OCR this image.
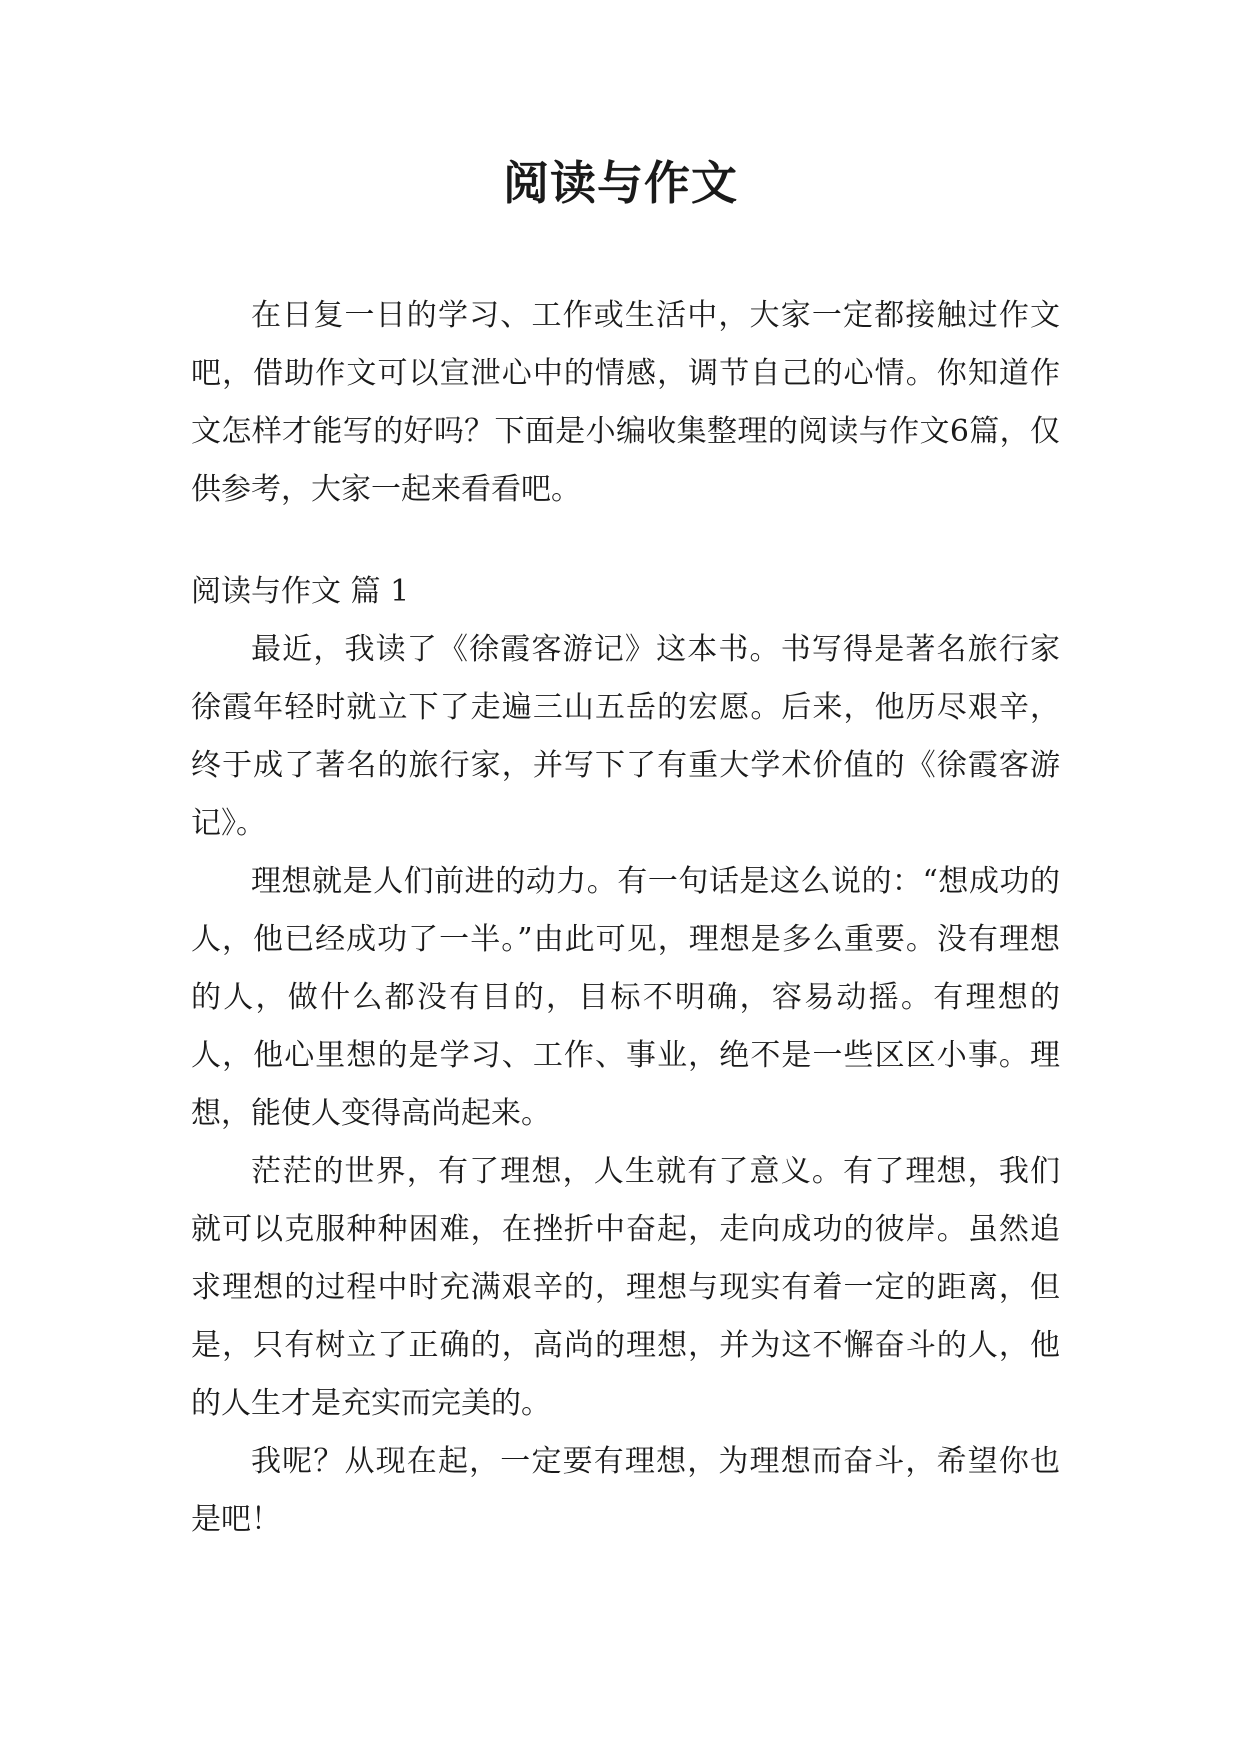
阅读与作文

在日复一日的学习、工作或生活中，大家一定都接触过作文吧，借助作文可以宣泄心中的情感，调节自己的心情。你知道作文怎样才能写的好吗？下面是小编收集整理的阅读与作文6篇，仅供参考，大家一起来看看吧。

阅读与作文 篇 1

最近，我读了《徐霞客游记》这本书。书写得是著名旅行家徐霞年轻时就立下了走遍三山五岳的宏愿。后来，他历尽艰辛，终于成了著名的旅行家，并写下了有重大学术价值的《徐霞客游记》。

理想就是人们前进的动力。有一句话是这么说的：“想成功的人，他已经成功了一半。”由此可见，理想是多么重要。没有理想的人，做什么都没有目的，目标不明确，容易动摇。有理想的人，他心里想的是学习、工作、事业，绝不是一些区区小事。理想，能使人变得高尚起来。

茫茫的世界，有了理想，人生就有了意义。有了理想，我们就可以克服种种困难，在挫折中奋起，走向成功的彼岸。虽然追求理想的过程中时充满艰辛的，理想与现实有着一定的距离，但是，只有树立了正确的，高尚的理想，并为这不懈奋斗的人，他的人生才是充实而完美的。

我呢？从现在起，一定要有理想，为理想而奋斗，希望你也是吧！
